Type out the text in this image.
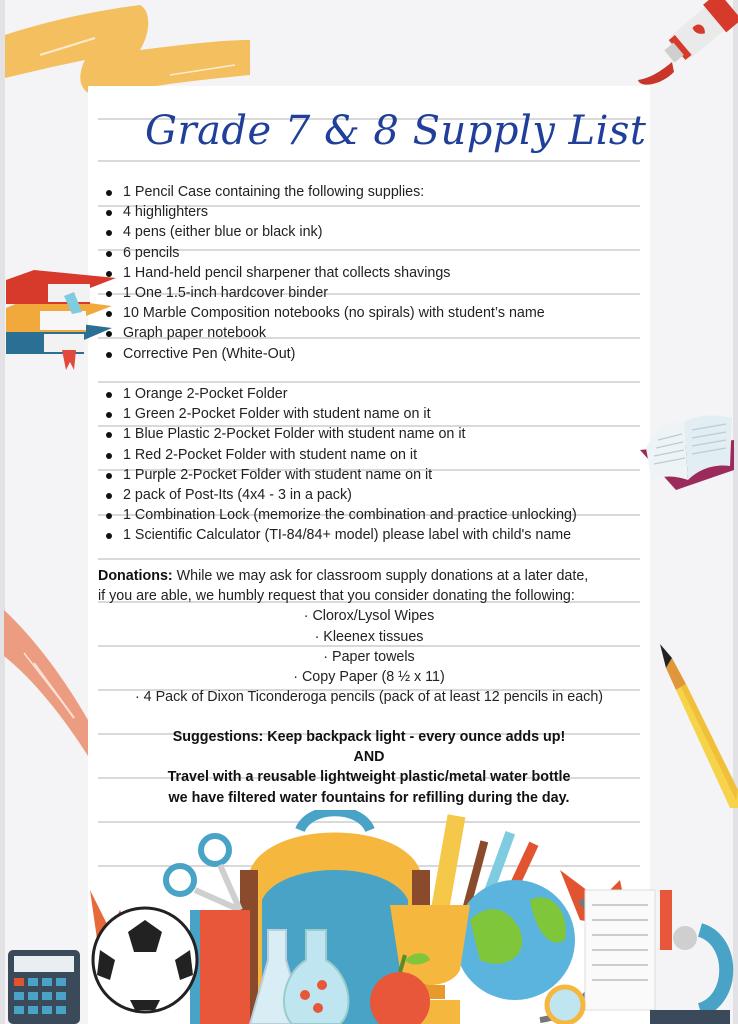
Grade 7 & 8 Supply List
1 Pencil Case containing the following supplies:
4 highlighters
4 pens (either blue or black ink)
6 pencils
1 Hand-held pencil sharpener that collects shavings
1 One 1.5-inch hardcover binder
10 Marble Composition notebooks (no spirals) with student’s name
Graph paper notebook
Corrective Pen (White-Out)
1 Orange 2-Pocket Folder
1 Green 2-Pocket Folder with student name on it
1 Blue Plastic 2-Pocket Folder with student name on it
1 Red 2-Pocket Folder with student name on it
1 Purple 2-Pocket Folder with student name on it
2 pack of Post-Its (4x4 - 3 in a pack)
1 Combination Lock (memorize the combination and practice unlocking)
1 Scientific Calculator (TI-84/84+ model) please label with child's name

Donations: While we may ask for classroom supply donations at a later date,

if you are able, we humbly request that you consider donating the following:

· Clorox/Lysol Wipes
· Kleenex tissues
· Paper towels
· Copy Paper (8 ½ x 11)
· 4 Pack of Dixon Ticonderoga pencils (pack of at least 12 pencils in each)
Suggestions: Keep backpack light - every ounce adds up!
AND
Travel with a reusable lightweight plastic/metal water bottle
we have filtered water fountains for refilling during the day.
